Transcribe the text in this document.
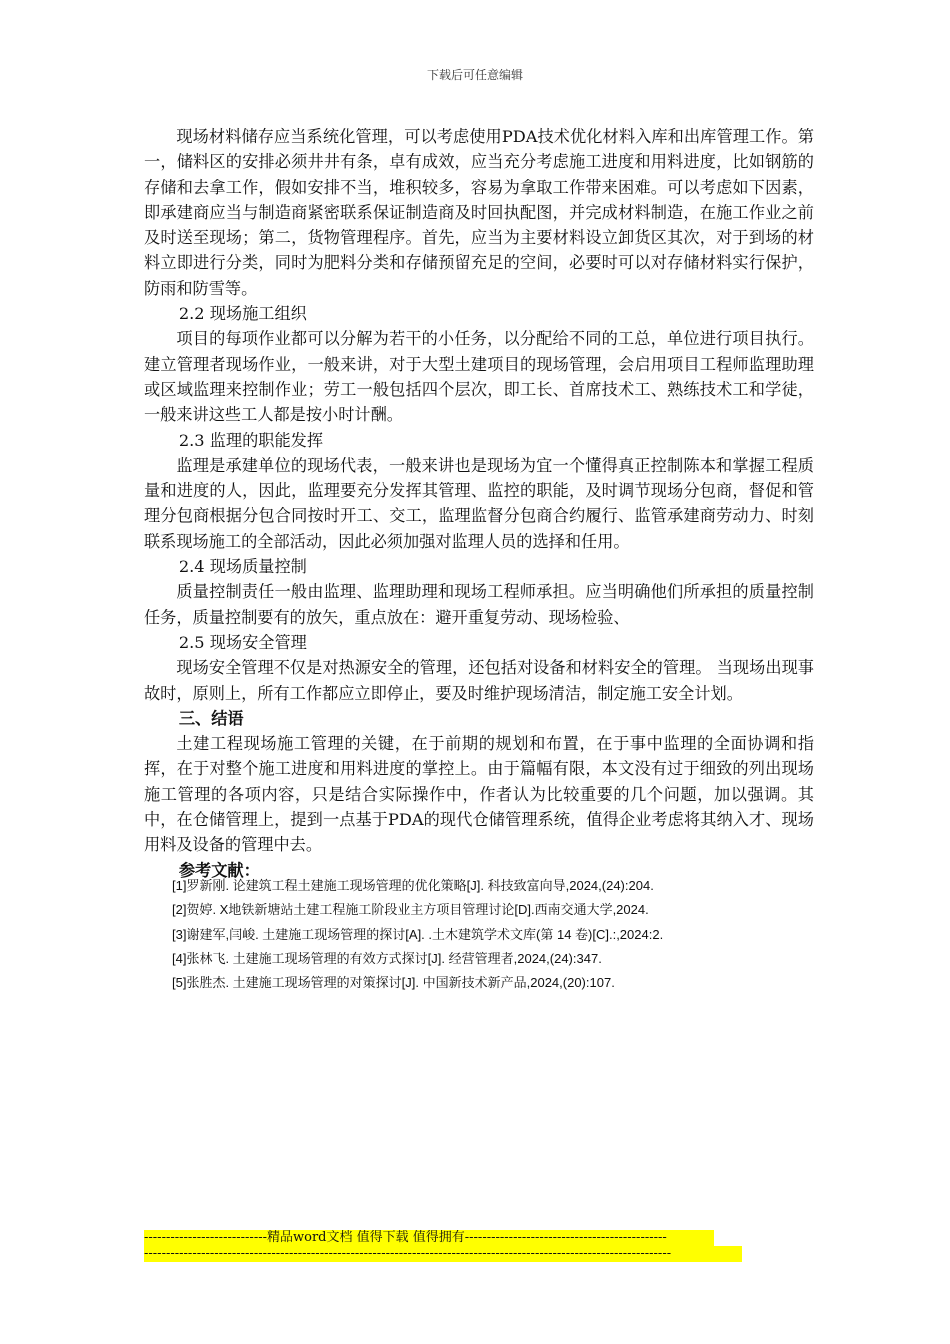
下载后可任意编辑

现场材料储存应当系统化管理，可以考虑使用PDA技术优化材料入库和出库管理工作。第一，储料区的安排必须井井有条，卓有成效，应当充分考虑施工进度和用料进度，比如钢筋的存储和去拿工作，假如安排不当，堆积较多，容易为拿取工作带来困难。可以考虑如下因素，即承建商应当与制造商紧密联系保证制造商及时回执配图，并完成材料制造，在施工作业之前及时送至现场；第二，货物管理程序。首先，应当为主要材料设立卸货区其次，对于到场的材料立即进行分类，同时为肥料分类和存储预留充足的空间，必要时可以对存储材料实行保护，防雨和防雪等。

2.2 现场施工组织

项目的每项作业都可以分解为若干的小任务，以分配给不同的工总，单位进行项目执行。建立管理者现场作业，一般来讲，对于大型土建项目的现场管理，会启用项目工程师监理助理或区域监理来控制作业；劳工一般包括四个层次，即工长、首席技术工、熟练技术工和学徒，一般来讲这些工人都是按小时计酬。

2.3 监理的职能发挥

监理是承建单位的现场代表，一般来讲也是现场为宜一个懂得真正控制陈本和掌握工程质量和进度的人，因此，监理要充分发挥其管理、监控的职能，及时调节现场分包商，督促和管理分包商根据分包合同按时开工、交工，监理监督分包商合约履行、监管承建商劳动力、时刻联系现场施工的全部活动，因此必须加强对监理人员的选择和任用。

2.4 现场质量控制

质量控制责任一般由监理、监理助理和现场工程师承担。应当明确他们所承担的质量控制任务，质量控制要有的放矢，重点放在：避开重复劳动、现场检验、

2.5 现场安全管理

现场安全管理不仅是对热源安全的管理，还包括对设备和材料安全的管理。 当现场出现事故时，原则上，所有工作都应立即停止，要及时维护现场清洁，制定施工安全计划。

三、结语

土建工程现场施工管理的关键，在于前期的规划和布置，在于事中监理的全面协调和指挥，在于对整个施工进度和用料进度的掌控上。由于篇幅有限，本文没有过于细致的列出现场施工管理的各项内容，只是结合实际操作中，作者认为比较重要的几个问题，加以强调。其中，在仓储管理上，提到一点基于PDA的现代仓储管理系统，值得企业考虑将其纳入才、现场用料及设备的管理中去。

参考文献：
[1]罗新刚. 论建筑工程土建施工现场管理的优化策略[J]. 科技致富向导,2024,(24):204.
[2]贺婷. X地铁新塘站土建工程施工阶段业主方项目管理讨论[D].西南交通大学,2024.
[3]谢建军,闫峻. 土建施工现场管理的探讨[A]. .土木建筑学术文库(第 14 卷)[C].:,2024:2.
[4]张林飞. 土建施工现场管理的有效方式探讨[J]. 经营管理者,2024,(24):347.
[5]张胜杰. 土建施工现场管理的对策探讨[J]. 中国新技术新产品,2024,(20):107.
----------------------------精品word文档 值得下载 值得拥有----------------------------------------------
------------------------------------------------------------------------------------------------------------------------
